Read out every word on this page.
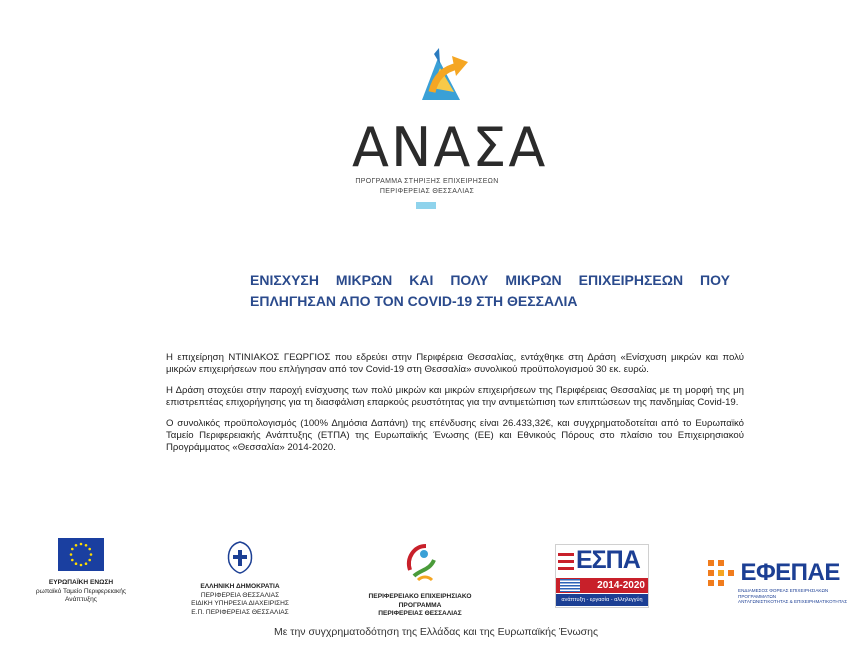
ΑΝΑΣΑ
ΠΡΟΓΡΑΜΜΑ ΣΤΗΡΙΞΗΣ ΕΠΙΧΕΙΡΗΣΕΩΝ
ΠΕΡΙΦΕΡΕΙΑΣ ΘΕΣΣΑΛΙΑΣ
ΕΝΙΣΧΥΣΗ ΜΙΚΡΩΝ ΚΑΙ ΠΟΛΥ ΜΙΚΡΩΝ ΕΠΙΧΕΙΡΗΣΕΩΝ ΠΟΥ
ΕΠΛΗΓΗΣΑΝ ΑΠΟ ΤΟΝ COVID-19 ΣΤΗ ΘΕΣΣΑΛΙΑ

Η επιχείρηση ΝΤΙΝΙΑΚΟΣ ΓΕΩΡΓΙΟΣ που εδρεύει στην Περιφέρεια Θεσσαλίας, εντάχθηκε στη Δράση «Ενίσχυση μικρών και πολύ μικρών επιχειρήσεων που επλήγησαν από τον Covid-19 στη Θεσσαλία» συνολικού προϋπολογισμού 30 εκ. ευρώ.

Η Δράση στοχεύει στην παροχή ενίσχυσης των πολύ μικρών και μικρών επιχειρήσεων της Περιφέρειας Θεσσαλίας με τη μορφή της μη επιστρεπτέας επιχορήγησης για τη διασφάλιση επαρκούς ρευστότητας για την αντιμετώπιση των επιπτώσεων της πανδημίας Covid-19.

Ο συνολικός προϋπολογισμός (100% Δημόσια Δαπάνη) της επένδυσης είναι 26.433,32€, και συγχρηματοδοτείται από το Ευρωπαϊκό Ταμείο Περιφερειακής Ανάπτυξης (ΕΤΠΑ) της Ευρωπαϊκής Ένωσης (ΕΕ) και Εθνικούς Πόρους στο πλαίσιο του Επιχειρησιακού Προγράμματος «Θεσσαλία» 2014-2020.

ΕΥΡΩΠΑΪΚΗ ΕΝΩΣΗ
ρωπαϊκό Ταμείο Περιφερειακής
Ανάπτυξης
ΕΛΛΗΝΙΚΗ ΔΗΜΟΚΡΑΤΙΑ
ΠΕΡΙΦΕΡΕΙΑ ΘΕΣΣΑΛΙΑΣ
ΕΙΔΙΚΗ ΥΠΗΡΕΣΙΑ ΔΙΑΧΕΙΡΙΣΗΣ
Ε.Π. ΠΕΡΙΦΕΡΕΙΑΣ ΘΕΣΣΑΛΙΑΣ
ΠΕΡΙΦΕΡΕΙΑΚΟ ΕΠΙΧΕΙΡΗΣΙΑΚΟ ΠΡΟΓΡΑΜΜΑ
ΠΕΡΙΦΕΡΕΙΑΣ ΘΕΣΣΑΛΙΑΣ
ΕΣΠΑ
2014-2020
ανάπτυξη - εργασία - αλληλεγγύη
ΕΦΕΠΑΕ
ΕΝΔΙΑΜΕΣΟΣ ΦΟΡΕΑΣ ΕΠΙΧΕΙΡΗΣΙΑΚΩΝ ΠΡΟΓΡΑΜΜΑΤΩΝ
ΑΝΤΑΓΩΝΙΣΤΙΚΟΤΗΤΑΣ & ΕΠΙΧΕΙΡΗΜΑΤΙΚΟΤΗΤΑΣ
Με την συγχρηματοδότηση της Ελλάδας και της Ευρωπαϊκής Ένωσης
